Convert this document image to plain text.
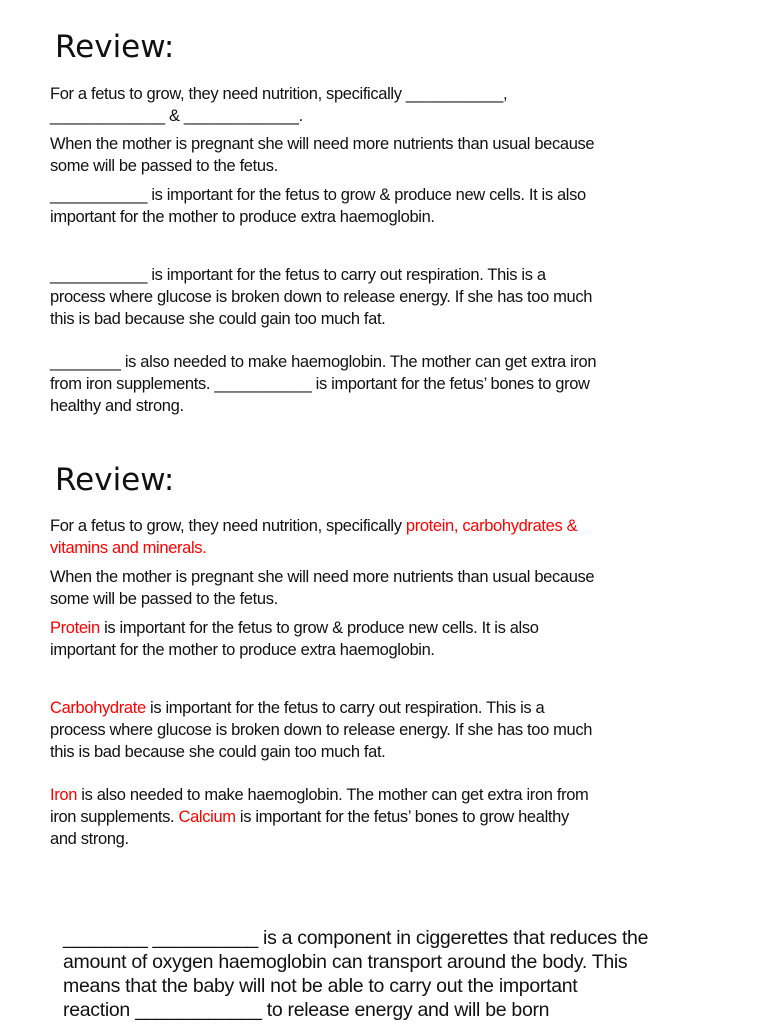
Review:
For a fetus to grow, they need nutrition, specifically ___________,
_____________ & _____________.
When the mother is pregnant she will need more nutrients than usual because
some will be passed to the fetus.
___________ is important for the fetus to grow & produce new cells. It is also
important for the mother to produce extra haemoglobin.
___________ is important for the fetus to carry out respiration. This is a
process where glucose is broken down to release energy. If she has too much
this is bad because she could gain too much fat.
________ is also needed to make haemoglobin. The mother can get extra iron
from iron supplements. ___________ is important for the fetus’ bones to grow
healthy and strong.
Review:
For a fetus to grow, they need nutrition, specifically protein, carbohydrates &
vitamins and minerals.
When the mother is pregnant she will need more nutrients than usual because
some will be passed to the fetus.
Protein is important for the fetus to grow & produce new cells. It is also
important for the mother to produce extra haemoglobin.
Carbohydrate is important for the fetus to carry out respiration. This is a
process where glucose is broken down to release energy. If she has too much
this is bad because she could gain too much fat.
Iron is also needed to make haemoglobin. The mother can get extra iron from
iron supplements. Calcium is important for the fetus’ bones to grow healthy
and strong.
________ __________ is a component in ciggerettes that reduces the
amount of oxygen haemoglobin can transport around the body. This
means that the baby will not be able to carry out the important
reaction ____________ to release energy and will be born
